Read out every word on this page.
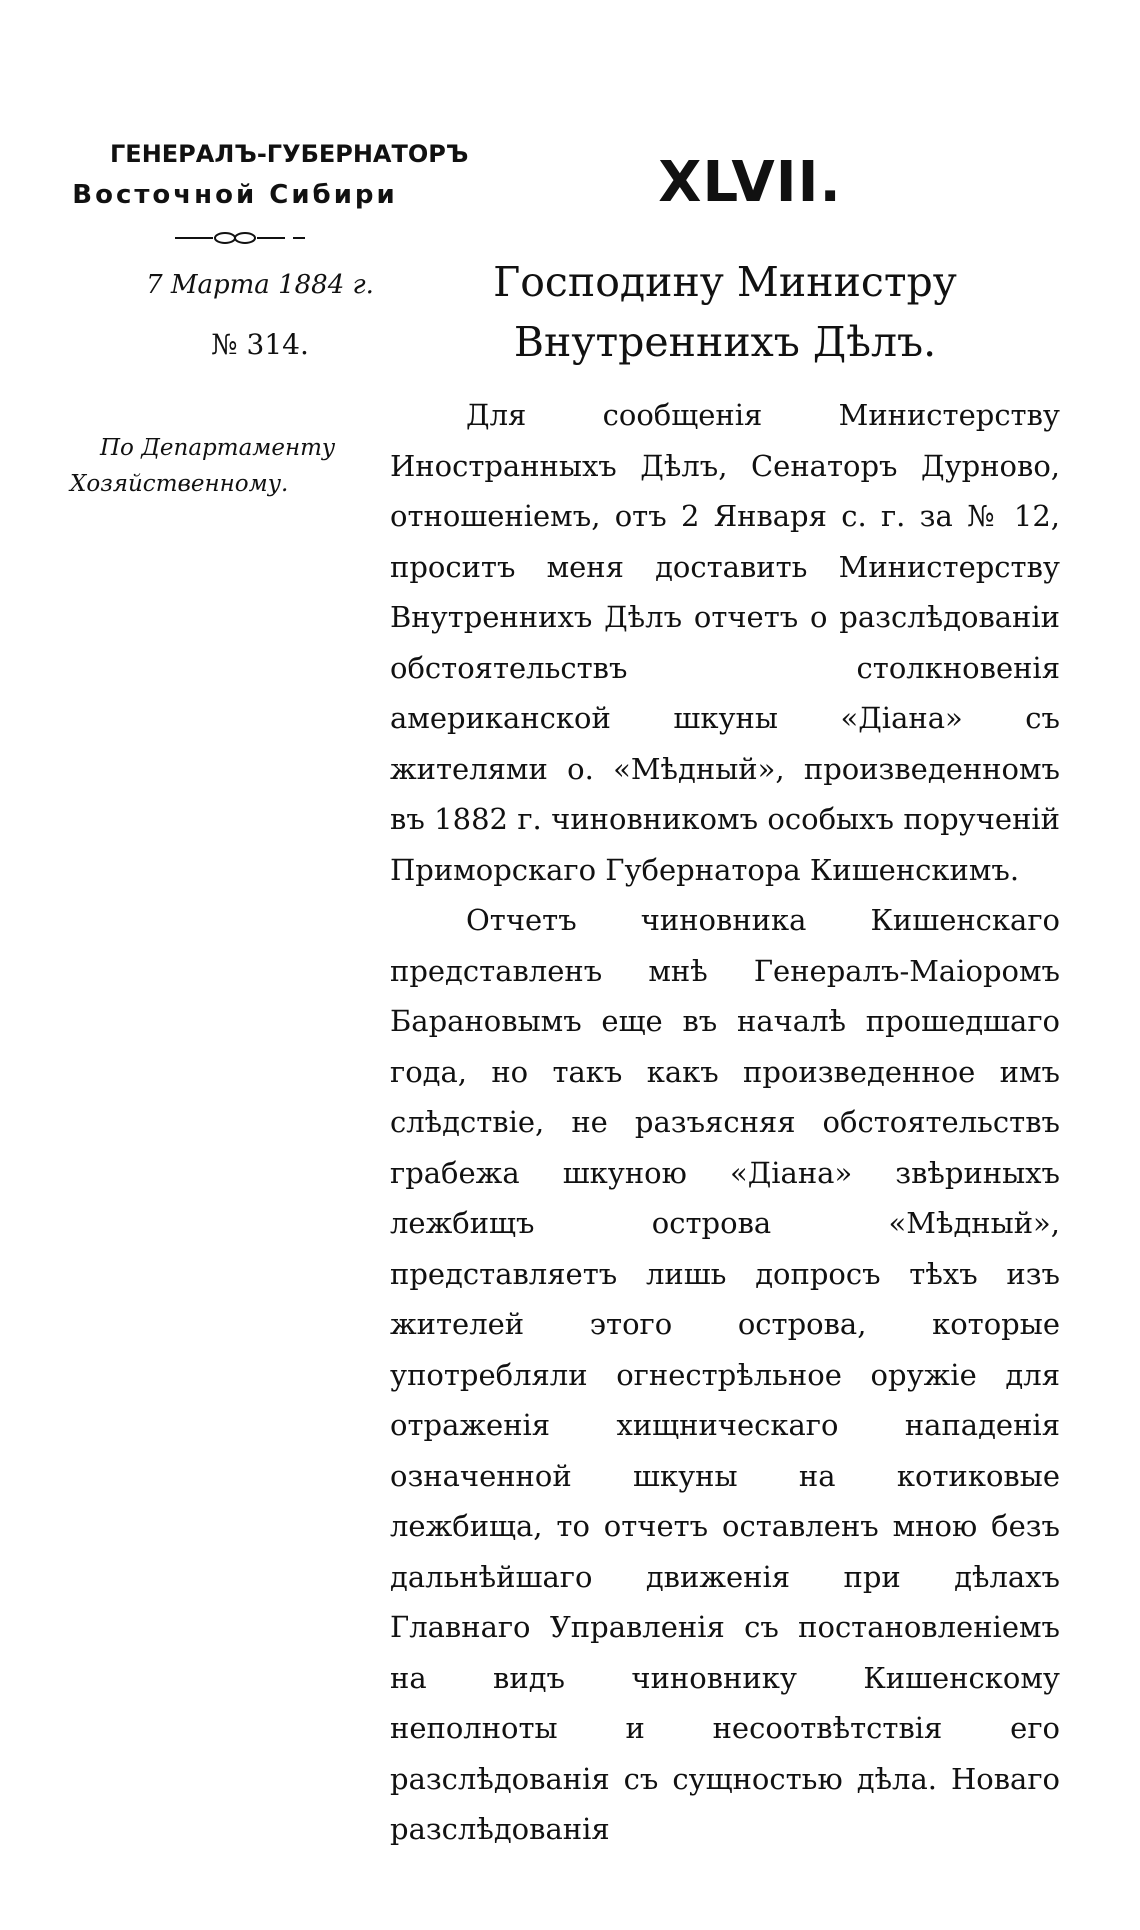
ГЕНЕРАЛЪ-ГУБЕРНАТОРЪ
Восточной Сибири
7 Марта 1884 г.
№ 314.
По Департаменту Хозяйственному.
XLVII.
Господину Министру Внутреннихъ Дѣлъ.

Для сообщенія Министерству Иностранныхъ Дѣлъ, Сенаторъ Дурново, отношеніемъ, отъ 2 Января с. г. за № 12, проситъ меня доставить Министерству Внутреннихъ Дѣлъ отчетъ о разслѣдованіи обстоятельствъ столкновенія американской шкуны «Діана» съ жителями о. «Мѣдный», произведенномъ въ 1882 г. чиновникомъ особыхъ порученій Приморскаго Губернатора Кишенскимъ.

Отчетъ чиновника Кишенскаго представленъ мнѣ Генералъ-Маіоромъ Барановымъ еще въ началѣ прошедшаго года, но такъ какъ произведенное имъ слѣдствіе, не разъясняя обстоятельствъ грабежа шкуною «Діана» звѣриныхъ лежбищъ острова «Мѣдный», представляетъ лишь допросъ тѣхъ изъ жителей этого острова, которые употребляли огнестрѣльное оружіе для отраженія хищническаго нападенія означенной шкуны на котиковые лежбища, то отчетъ оставленъ мною безъ дальнѣйшаго движенія при дѣлахъ Главнаго Управленія съ постановленіемъ на видъ чиновнику Кишенскому неполноты и несоотвѣтствія его разслѣдованія съ сущностью дѣла. Новаго разслѣдованія
